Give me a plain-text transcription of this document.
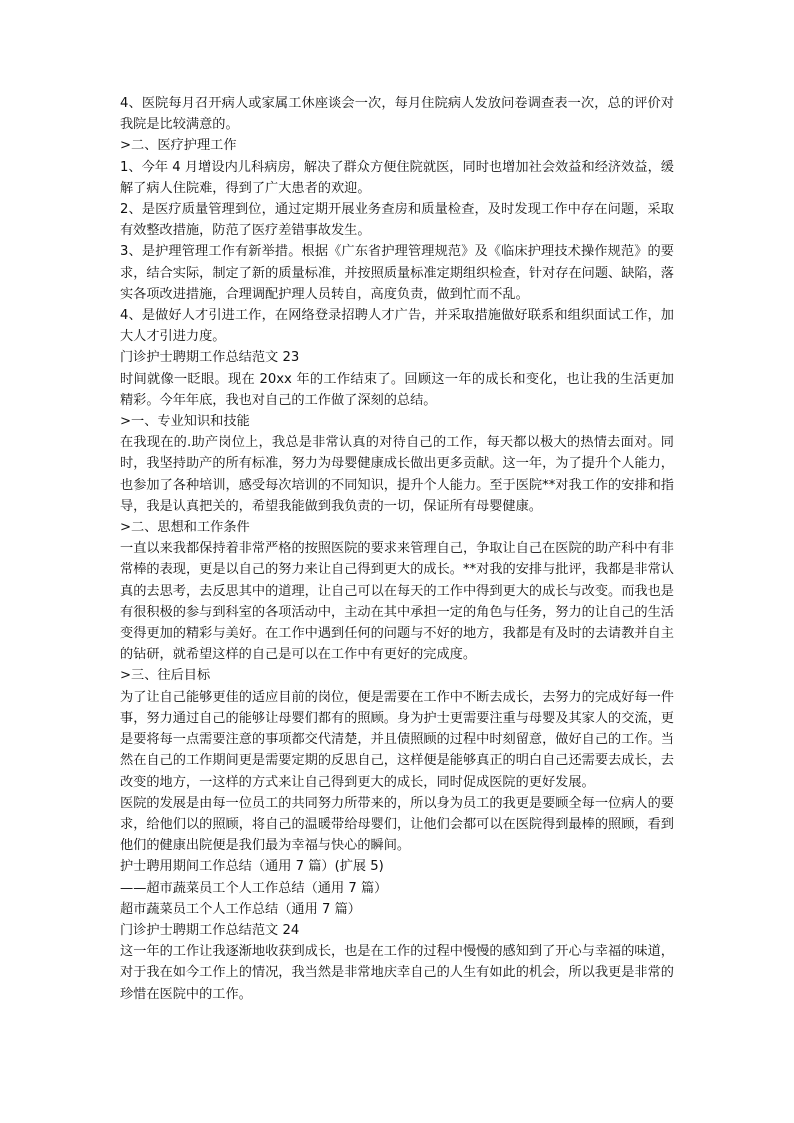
4、医院每月召开病人或家属工休座谈会一次，每月住院病人发放问卷调查表一次，总的评价对我院是比较满意的。

>二、医疗护理工作

1、今年 4 月增设内儿科病房，解决了群众方便住院就医，同时也增加社会效益和经济效益，缓解了病人住院难，得到了广大患者的欢迎。

2、是医疗质量管理到位，通过定期开展业务查房和质量检查，及时发现工作中存在问题，采取有效整改措施，防范了医疗差错事故发生。

3、是护理管理工作有新举措。根据《广东省护理管理规范》及《临床护理技术操作规范》的要求，结合实际，制定了新的质量标准，并按照质量标准定期组织检查，针对存在问题、缺陷，落实各项改进措施，合理调配护理人员转自，高度负责，做到忙而不乱。

4、是做好人才引进工作，在网络登录招聘人才广告，并采取措施做好联系和组织面试工作，加大人才引进力度。

门诊护士聘期工作总结范文 23

时间就像一眨眼。现在 20xx 年的工作结束了。回顾这一年的成长和变化，也让我的生活更加精彩。今年年底，我也对自己的工作做了深刻的总结。

>一、专业知识和技能

在我现在的.助产岗位上，我总是非常认真的对待自己的工作，每天都以极大的热情去面对。同时，我坚持助产的所有标准，努力为母婴健康成长做出更多贡献。这一年，为了提升个人能力，也参加了各种培训，感受每次培训的不同知识，提升个人能力。至于医院**对我工作的安排和指导，我是认真把关的，希望我能做到我负责的一切，保证所有母婴健康。

>二、思想和工作条件

一直以来我都保持着非常严格的按照医院的要求来管理自己，争取让自己在医院的助产科中有非常棒的表现，更是以自己的努力来让自己得到更大的成长。**对我的安排与批评，我都是非常认真的去思考，去反思其中的道理，让自己可以在每天的工作中得到更大的成长与改变。而我也是有很积极的参与到科室的各项活动中，主动在其中承担一定的角色与任务，努力的让自己的生活变得更加的精彩与美好。在工作中遇到任何的问题与不好的地方，我都是有及时的去请教并自主的钻研，就希望这样的自己是可以在工作中有更好的完成度。

>三、往后目标

为了让自己能够更佳的适应目前的岗位，便是需要在工作中不断去成长，去努力的完成好每一件事，努力通过自己的能够让母婴们都有的照顾。身为护士更需要注重与母婴及其家人的交流，更是要将每一点需要注意的事项都交代清楚，并且债照顾的过程中时刻留意，做好自己的工作。当然在自己的工作期间更是需要定期的反思自己，这样便是能够真正的明白自己还需要去成长，去改变的地方，一这样的方式来让自己得到更大的成长，同时促成医院的更好发展。

医院的发展是由每一位员工的共同努力所带来的，所以身为员工的我更是要顾全每一位病人的要求，给他们以的照顾，将自己的温暖带给母婴们，让他们会都可以在医院得到最棒的照顾，看到他们的健康出院便是我们最为幸福与快心的瞬间。

护士聘用期间工作总结（通用 7 篇）(扩展 5)

——超市蔬菜员工个人工作总结（通用 7 篇）

超市蔬菜员工个人工作总结（通用 7 篇）

门诊护士聘期工作总结范文 24

这一年的工作让我逐渐地收获到成长，也是在工作的过程中慢慢的感知到了开心与幸福的味道，对于我在如今工作上的情况，我当然是非常地庆幸自己的人生有如此的机会，所以我更是非常的珍惜在医院中的工作。
